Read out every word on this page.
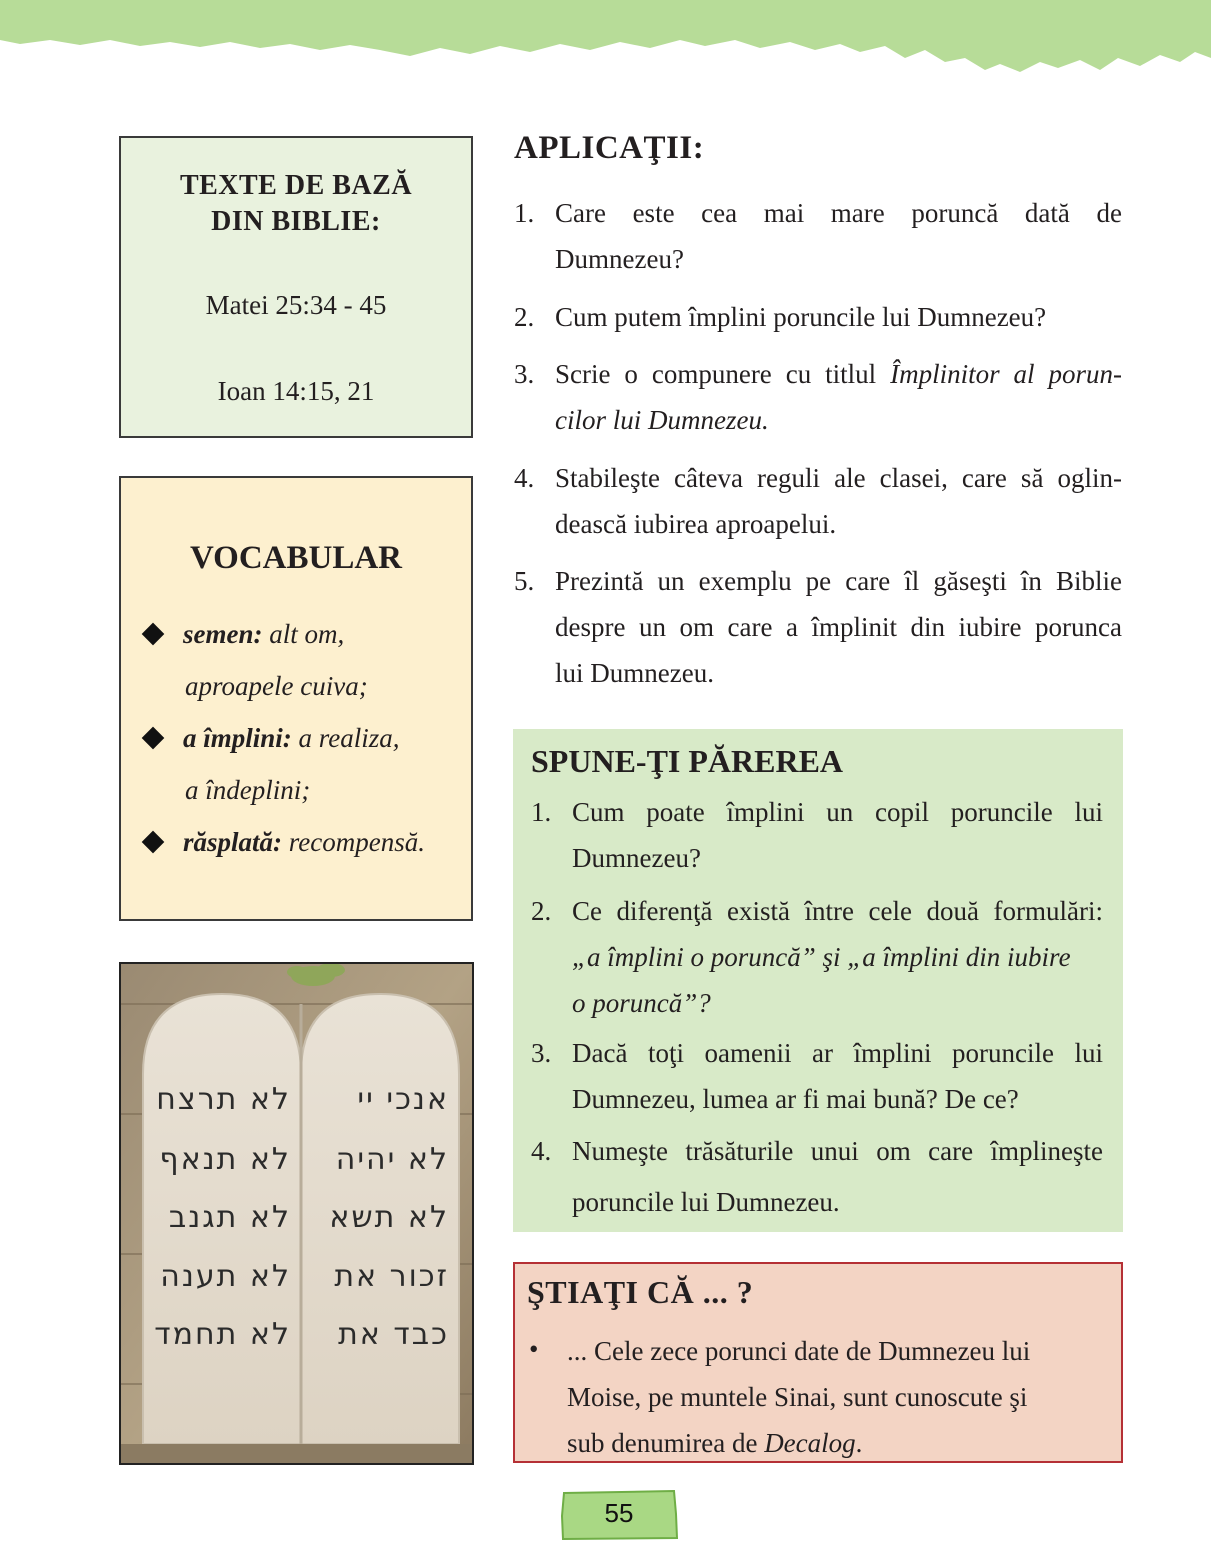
TEXTE DE BAZĂ
DIN BIBLIE:
Matei 25:34 - 45
Ioan 14:15, 21
VOCABULAR
semen: alt om,
aproapele cuiva;
a împlini: a realiza,
a îndeplini;
răsplată: recompensă.
לא תרצח
לא תנאף
לא תגנב
לא תענה
לא תחמד
אנכי יי
לא יהיה
לא תשא
זכור את
כבד את
APLICAŢII:
1. Care este cea mai mare poruncă dată de
Dumnezeu?
2. Cum putem împlini poruncile lui Dumnezeu?
3. Scrie o compunere cu titlul Împlinitor al porun-
cilor lui Dumnezeu.
4. Stabileşte câteva reguli ale clasei, care să oglin-
dească iubirea aproapelui.
5. Prezintă un exemplu pe care îl găseşti în Biblie
despre un om care a împlinit din iubire porunca
lui Dumnezeu.
SPUNE-ŢI PĂREREA
1. Cum poate împlini un copil poruncile lui
Dumnezeu?
2. Ce diferenţă există între cele două formulări:
„a împlini o poruncă” şi „a împlini din iubire
o poruncă”?
3. Dacă toţi oamenii ar împlini poruncile lui
Dumnezeu, lumea ar fi mai bună? De ce?
4. Numeşte trăsăturile unui om care împlineşte
poruncile lui Dumnezeu.
ŞTIAŢI CĂ ... ?
• ... Cele zece porunci date de Dumnezeu lui
Moise, pe muntele Sinai, sunt cunoscute şi
sub denumirea de Decalog.
55
